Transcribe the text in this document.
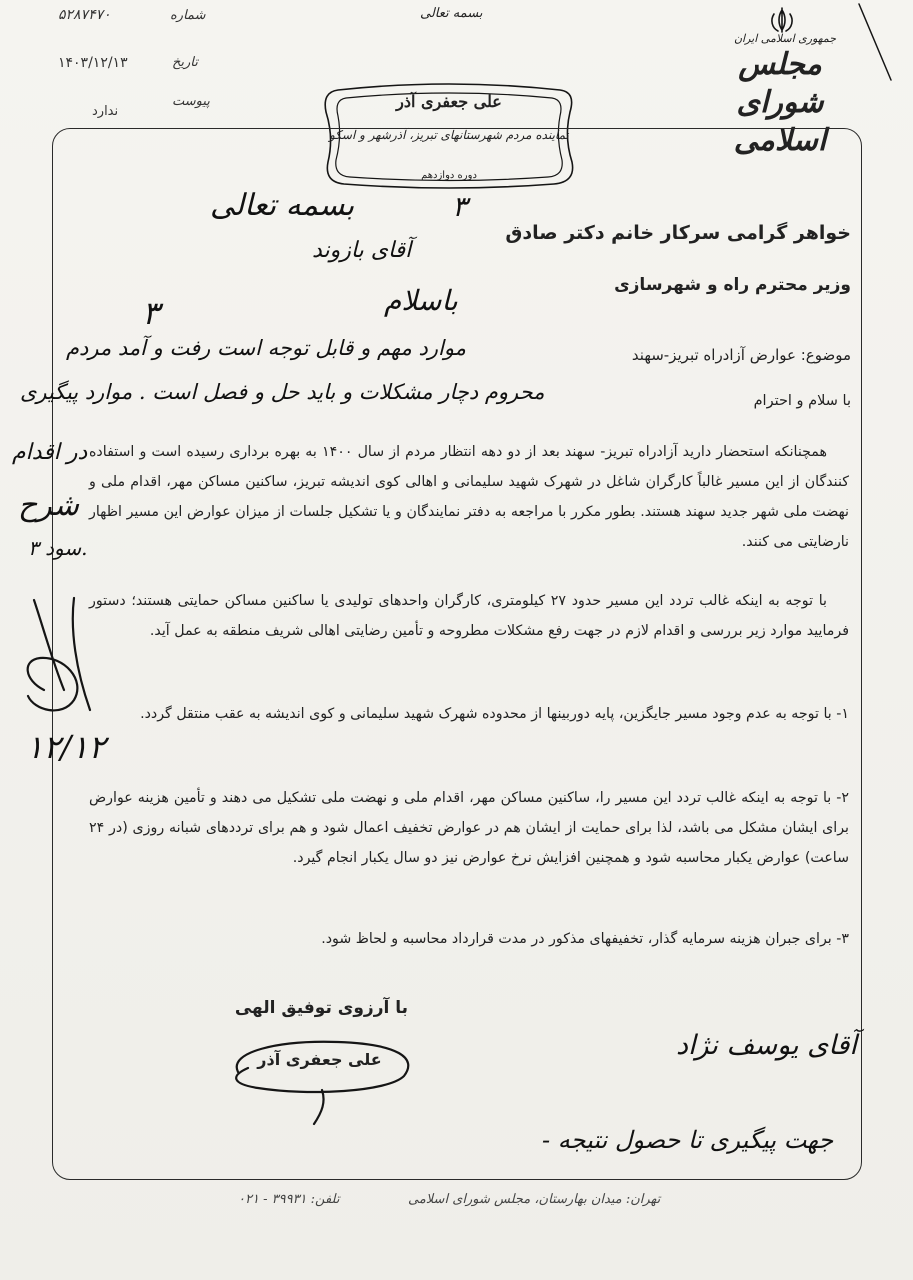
جمهوری اسلامی ایران
مجلس شورای اسلامی
بسمه تعالی
شماره
۵۲۸۷۴۷۰
تاریخ
۱۴۰۳/۱۲/۱۳
پیوست
ندارد
علی جعفری آذر
نماینده مردم شهرستانهای تبریز، آذرشهر و اسکو
دوره دوازدهم
بسمه تعالی
آقای بازوند
۳
۳	باسلام
موارد مهم و قابل توجه است رفت و آمد مردم
محروم دچار مشکلات و باید حل و فصل است . موارد پیگیری
در اقدام
شرح
۳ سود.
۱۲/۱۲
خواهر گرامی سرکار خانم دکتر صادق
وزیر محترم راه و شهرسازی
موضوع: عوارض آزادراه تبریز-سهند
با سلام و احترام
همچنانکه استحضار دارید آزادراه تبریز- سهند بعد از دو دهه انتظار مردم از سال ۱۴۰۰ به بهره برداری رسیده است و استفاده کنندگان از این مسیر غالباً کارگران شاغل در شهرک شهید سلیمانی و اهالی کوی اندیشه تبریز، ساکنین مساکن مهر، اقدام ملی و نهضت ملی شهر جدید سهند هستند. بطور مکرر با مراجعه به دفتر نمایندگان و یا تشکیل جلسات از میزان عوارض این مسیر اظهار نارضایتی می کنند.
با توجه به اینکه غالب تردد این مسیر حدود ۲۷ کیلومتری، کارگران واحدهای تولیدی یا ساکنین مساکن حمایتی هستند؛ دستور فرمایید موارد زیر بررسی و اقدام لازم در جهت رفع مشکلات مطروحه و تأمین رضایتی اهالی شریف منطقه به عمل آید.
۱- با توجه به عدم وجود مسیر جایگزین، پایه دوربینها از محدوده شهرک شهید سلیمانی و کوی اندیشه به عقب منتقل گردد.
۲- با توجه به اینکه غالب تردد این مسیر را، ساکنین مساکن مهر، اقدام ملی و نهضت ملی تشکیل می دهند و تأمین هزینه عوارض برای ایشان مشکل می باشد، لذا برای حمایت از ایشان هم در عوارض تخفیف اعمال شود و هم برای ترددهای شبانه روزی (در ۲۴ ساعت) عوارض یکبار محاسبه شود و همچنین افزایش نرخ عوارض نیز دو سال یکبار انجام گیرد.
۳- برای جبران هزینه سرمایه گذار، تخفیفهای مذکور در مدت قرارداد محاسبه و لحاظ شود.
با آرزوی توفیق الهی
علی جعفری آذر	آقای یوسف نژاد
- جهت پیگیری تا حصول نتیجه
تهران: میدان بهارستان، مجلس شورای اسلامی
تلفن: ۳۹۹۳۱ - ۰۲۱
